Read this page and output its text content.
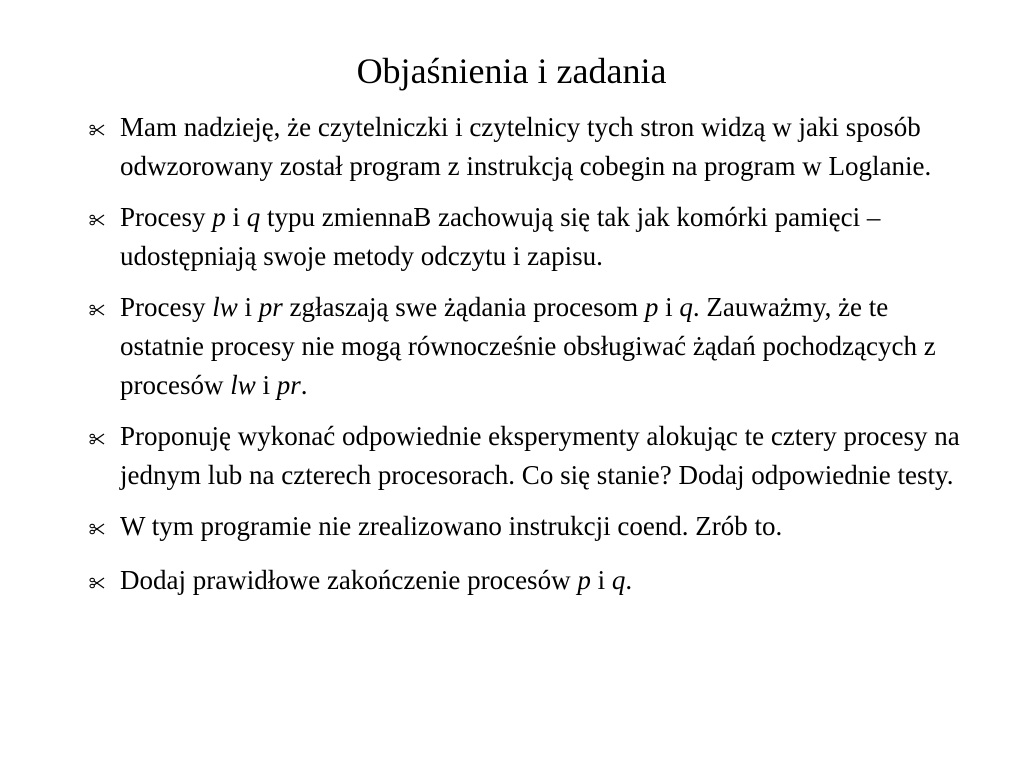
Objaśnienia i zadania
Mam nadzieję, że czytelniczki i czytelnicy tych stron widzą w jaki sposób odwzorowany został program z instrukcją cobegin na program w Loglanie.
Procesy p i q typu zmiennaB zachowują się tak jak komórki pamięci – udostępniają swoje metody odczytu i zapisu.
Procesy lw i pr zgłaszają swe żądania procesom p i q. Zauważmy, że te ostatnie procesy nie mogą równocześnie obsługiwać żądań pochodzących z procesów lw i pr.
Proponuję wykonać odpowiednie eksperymenty alokując te cztery procesy na jednym lub na czterech procesorach. Co się stanie? Dodaj odpowiednie testy.
W tym programie nie zrealizowano instrukcji coend. Zrób to.
Dodaj prawidłowe zakończenie procesów p i q.
